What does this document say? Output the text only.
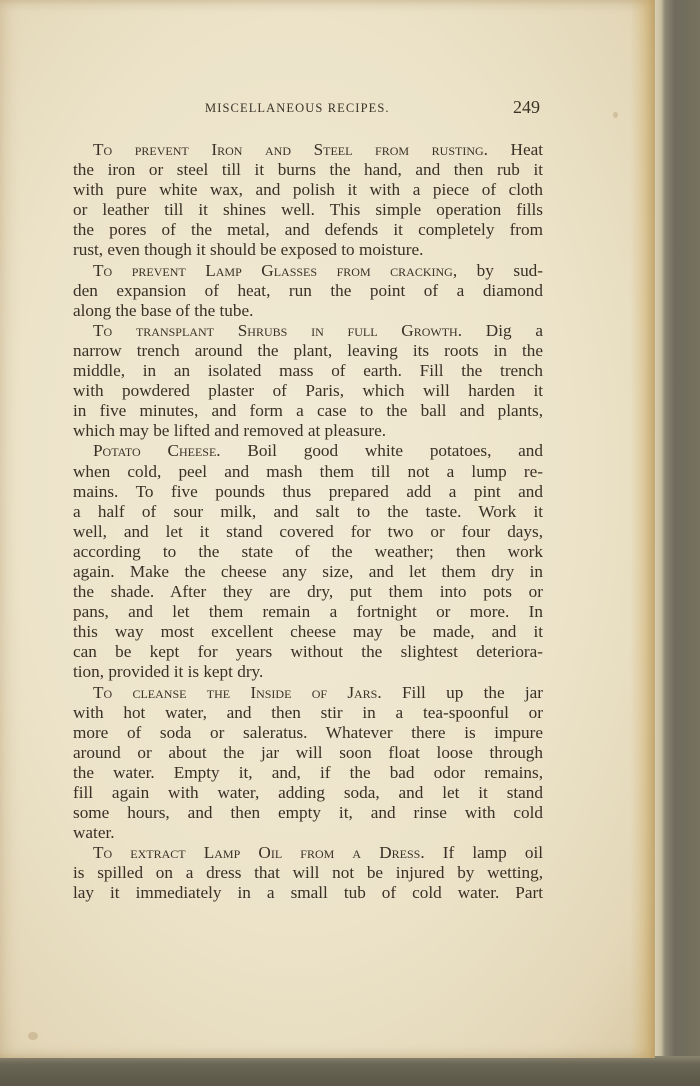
MISCELLANEOUS RECIPES.	249
To prevent Iron and Steel from rusting. Heat
the iron or steel till it burns the hand, and then rub it
with pure white wax, and polish it with a piece of cloth
or leather till it shines well. This simple operation fills
the pores of the metal, and defends it completely from
rust, even though it should be exposed to moisture.
To prevent Lamp Glasses from cracking, by sud-
den expansion of heat, run the point of a diamond
along the base of the tube.
To transplant Shrubs in full Growth. Dig a
narrow trench around the plant, leaving its roots in the
middle, in an isolated mass of earth. Fill the trench
with powdered plaster of Paris, which will harden it
in five minutes, and form a case to the ball and plants,
which may be lifted and removed at pleasure.
Potato Cheese. Boil good white potatoes, and
when cold, peel and mash them till not a lump re-
mains. To five pounds thus prepared add a pint and
a half of sour milk, and salt to the taste. Work it
well, and let it stand covered for two or four days,
according to the state of the weather; then work
again. Make the cheese any size, and let them dry in
the shade. After they are dry, put them into pots or
pans, and let them remain a fortnight or more. In
this way most excellent cheese may be made, and it
can be kept for years without the slightest deteriora-
tion, provided it is kept dry.
To cleanse the Inside of Jars. Fill up the jar
with hot water, and then stir in a tea-spoonful or
more of soda or saleratus. Whatever there is impure
around or about the jar will soon float loose through
the water. Empty it, and, if the bad odor remains,
fill again with water, adding soda, and let it stand
some hours, and then empty it, and rinse with cold
water.
To extract Lamp Oil from a Dress. If lamp oil
is spilled on a dress that will not be injured by wetting,
lay it immediately in a small tub of cold water. Part
